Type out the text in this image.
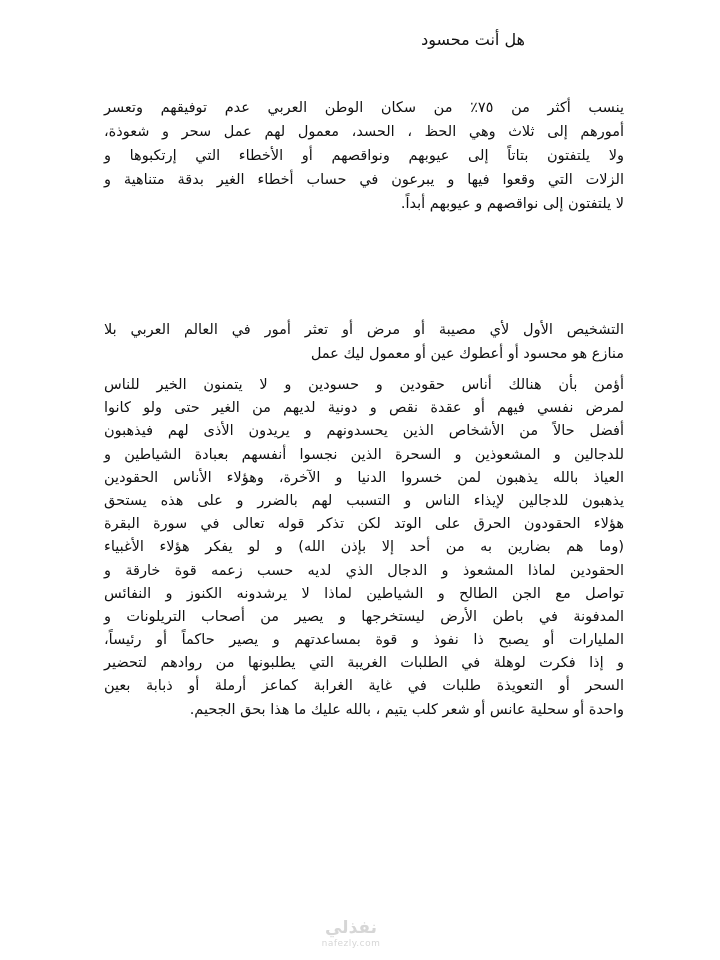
هل أنت محسود
ينسب أكثر من ٧٥٪ من سكان الوطن العربي عدم توفيقهم وتعسر
أمورهم إلى ثلاث وهي الحظ ، الحسد، معمول لهم عمل سحر و شعوذة،
ولا يلتفتون بتاتاً إلى عيوبهم ونواقصهم أو الأخطاء التي إرتكبوها و
الزلات التي وقعوا فيها و يبرعون في حساب أخطاء الغير بدقة متناهية و
لا يلتفتون إلى نواقصهم و عيوبهم أبداً.
التشخيص الأول لأي مصيبة أو مرض أو تعثر أمور في العالم العربي بلا
منازع هو محسود أو أعطوك عين أو معمول ليك عمل
أؤمن بأن هنالك أناس حقودين و حسودين و لا يتمنون الخير للناس
لمرض نفسي فيهم أو عقدة نقص و دونية لديهم من الغير حتى ولو كانوا
أفضل حالاً من الأشخاص الذين يحسدونهم و يريدون الأذى لهم فيذهبون
للدجالين و المشعوذين و السحرة الذين نجسوا أنفسهم بعبادة الشياطين و
العياذ بالله يذهبون لمن خسروا الدنيا و الآخرة، وهؤلاء الأناس الحقودين
يذهبون للدجالين لإيذاء الناس و التسبب لهم بالضرر و على هذه يستحق
هؤلاء الحقودون الحرق على الوتد لكن تذكر قوله تعالى في سورة البقرة
(وما هم بضارين به من أحد إلا بإذن الله) و لو يفكر هؤلاء الأغبياء
الحقودين لماذا المشعوذ و الدجال الذي لديه حسب زعمه قوة خارقة و
تواصل مع الجن الطالح و الشياطين لماذا لا يرشدونه الكنوز و النفائس
المدفونة في باطن الأرض ليستخرجها و يصير من أصحاب التريلونات و
المليارات أو يصبح ذا نفوذ و قوة بمساعدتهم و يصير حاكماً أو رئيساً،
و إذا فكرت لوهلة في الطلبات الغريبة التي يطلبونها من رواد‌هم لتحضير
السحر أو التعويذة طلبات في غاية الغرابة كماعز أرملة أو ذبابة بعين
واحدة أو سحلية عانس أو شعر كلب يتيم ، بالله عليك ما هذا بحق الجحيم.
نفذلي
nafezly.com
